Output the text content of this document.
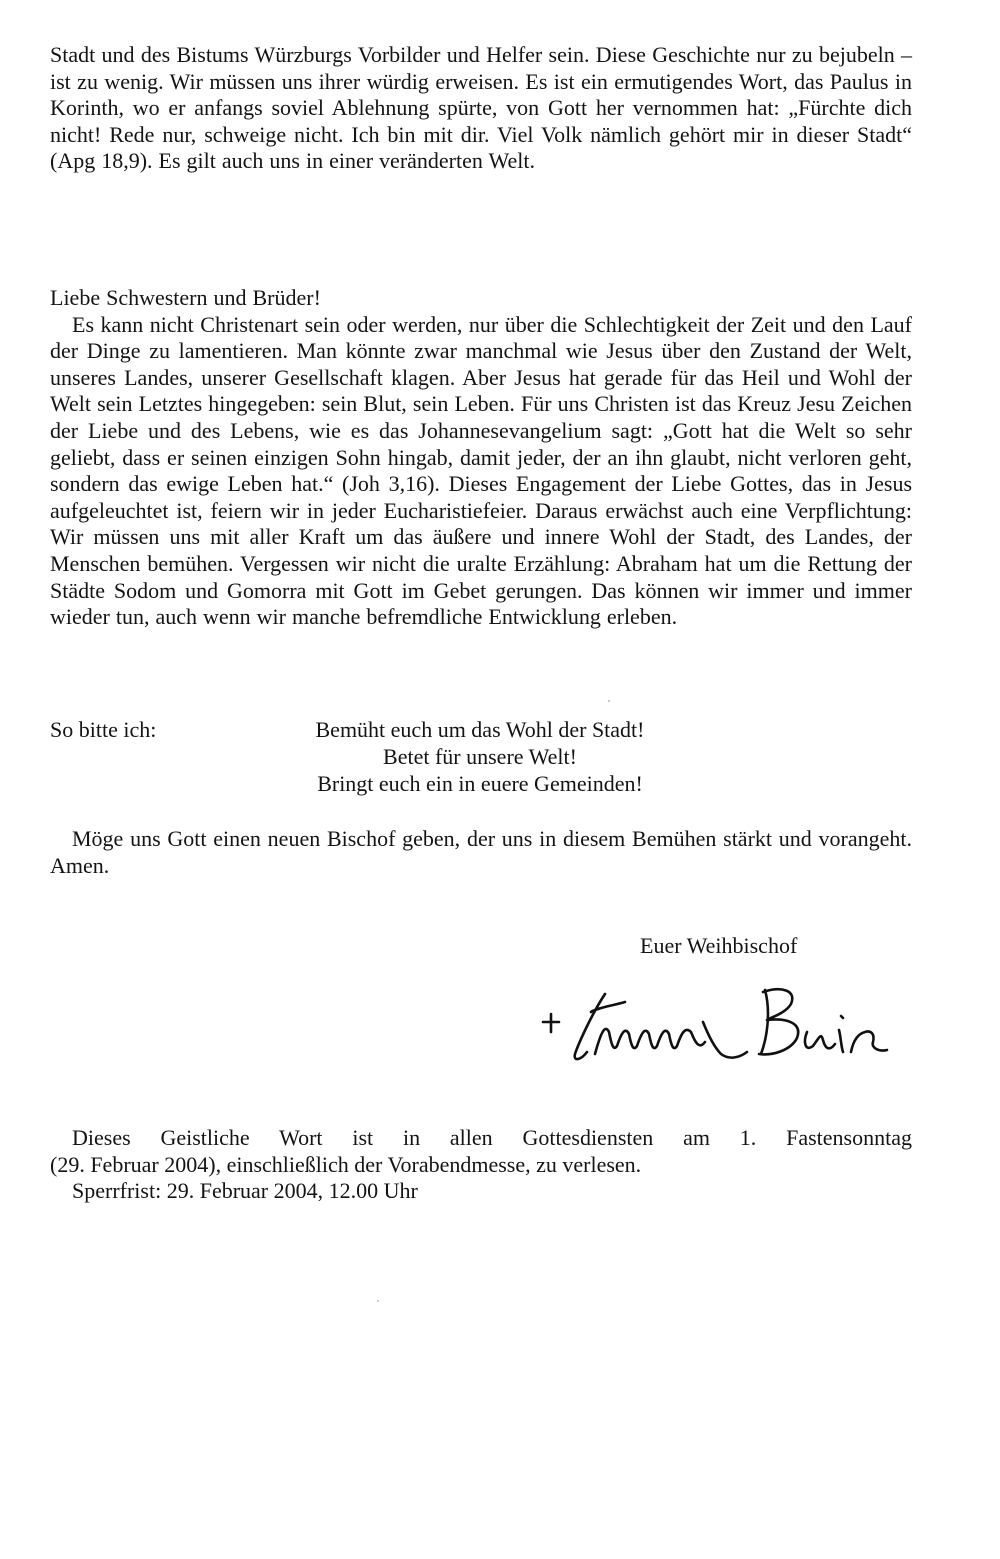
Stadt und des Bistums Würzburgs Vorbilder und Helfer sein. Diese Geschichte nur zu bejubeln – ist zu wenig. Wir müssen uns ihrer würdig erweisen. Es ist ein ermutigendes Wort, das Paulus in Korinth, wo er anfangs soviel Ablehnung spürte, von Gott her vernommen hat: „Fürchte dich nicht! Rede nur, schweige nicht. Ich bin mit dir. Viel Volk nämlich gehört mir in dieser Stadt“ (Apg 18,9). Es gilt auch uns in einer veränderten Welt.

Liebe Schwestern und Brüder!

Es kann nicht Christenart sein oder werden, nur über die Schlechtigkeit der Zeit und den Lauf der Dinge zu lamentieren. Man könnte zwar manchmal wie Jesus über den Zustand der Welt, unseres Landes, unserer Gesellschaft klagen. Aber Jesus hat gerade für das Heil und Wohl der Welt sein Letztes hingegeben: sein Blut, sein Leben. Für uns Christen ist das Kreuz Jesu Zeichen der Liebe und des Lebens, wie es das Johannesevangelium sagt: „Gott hat die Welt so sehr geliebt, dass er seinen einzigen Sohn hingab, damit jeder, der an ihn glaubt, nicht verloren geht, sondern das ewige Leben hat.“ (Joh 3,16). Dieses Engagement der Liebe Gottes, das in Jesus aufgeleuchtet ist, feiern wir in jeder Eucharistiefeier. Daraus erwächst auch eine Verpflichtung: Wir müssen uns mit aller Kraft um das äußere und innere Wohl der Stadt, des Landes, der Menschen bemühen. Vergessen wir nicht die uralte Erzählung: Abraham hat um die Rettung der Städte Sodom und Gomorra mit Gott im Gebet gerungen. Das können wir immer und immer wieder tun, auch wenn wir manche befremdliche Entwicklung erleben.

So bitte ich:	Bemüht euch um das Wohl der Stadt!
Betet für unsere Welt!
Bringt euch ein in euere Gemeinden!

Möge uns Gott einen neuen Bischof geben, der uns in diesem Bemühen stärkt und vorangeht. Amen.

Euer Weihbischof
Dieses Geistliche Wort ist in allen Gottesdiensten am 1. Fastensonntag
(29. Februar 2004), einschließlich der Vorabendmesse, zu verlesen.
Sperrfrist: 29. Februar 2004, 12.00 Uhr
